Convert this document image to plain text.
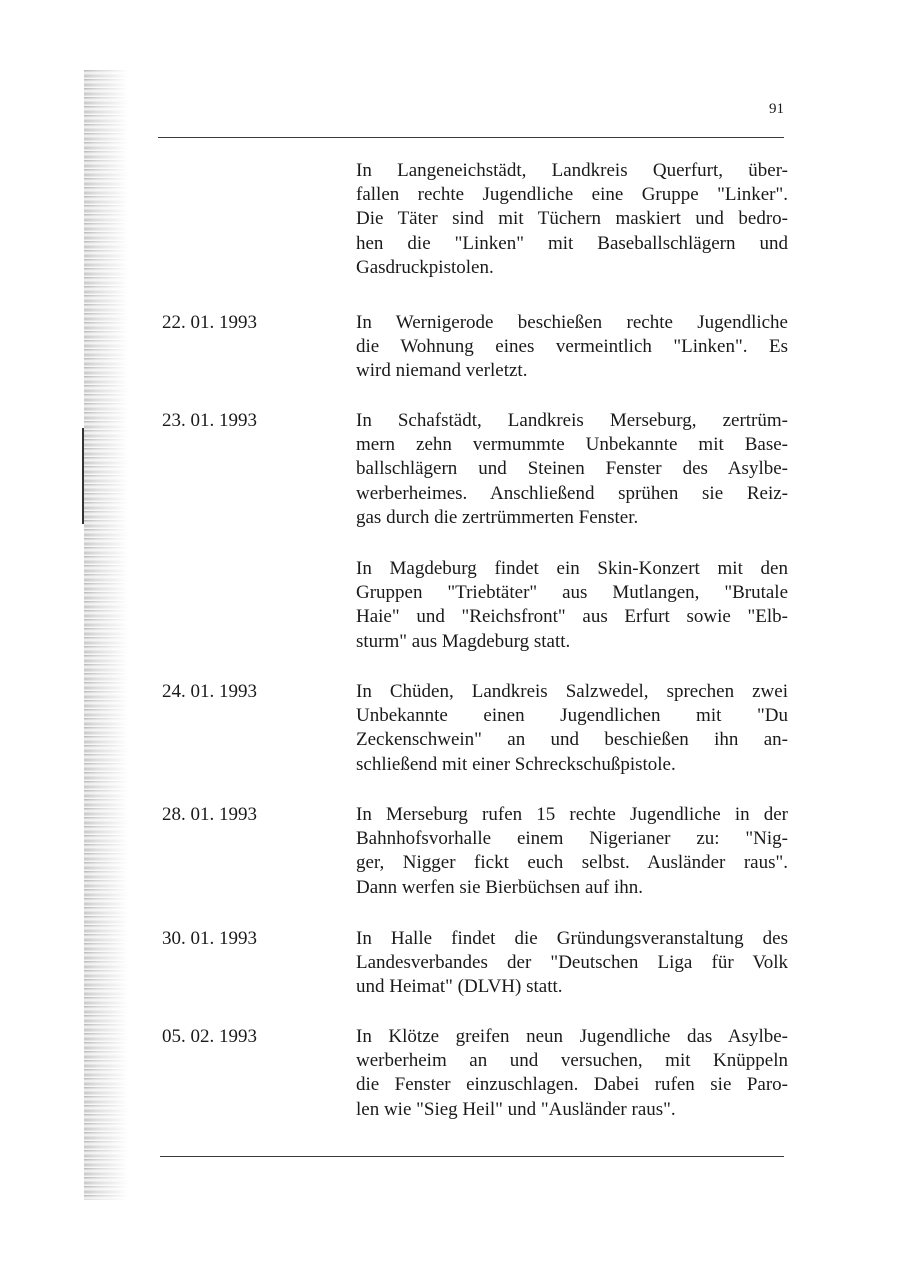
91
In Langeneichstädt, Landkreis Querfurt, über-
fallen rechte Jugendliche eine Gruppe "Linker".
Die Täter sind mit Tüchern maskiert und bedro-
hen die "Linken" mit Baseballschlägern und
Gasdruckpistolen.
22. 01. 1993	In Wernigerode beschießen rechte Jugendliche
die Wohnung eines vermeintlich "Linken". Es
wird niemand verletzt.
23. 01. 1993	In Schafstädt, Landkreis Merseburg, zertrüm-
mern zehn vermummte Unbekannte mit Base-
ballschlägern und Steinen Fenster des Asylbe-
werberheimes. Anschließend sprühen sie Reiz-
gas durch die zertrümmerten Fenster.
In Magdeburg findet ein Skin-Konzert mit den
Gruppen "Triebtäter" aus Mutlangen, "Brutale
Haie" und "Reichsfront" aus Erfurt sowie "Elb-
sturm" aus Magdeburg statt.
24. 01. 1993	In Chüden, Landkreis Salzwedel, sprechen zwei
Unbekannte einen Jugendlichen mit "Du
Zeckenschwein" an und beschießen ihn an-
schließend mit einer Schreckschußpistole.
28. 01. 1993	In Merseburg rufen 15 rechte Jugendliche in der
Bahnhofsvorhalle einem Nigerianer zu: "Nig-
ger, Nigger fickt euch selbst. Ausländer raus".
Dann werfen sie Bierbüchsen auf ihn.
30. 01. 1993	In Halle findet die Gründungsveranstaltung des
Landesverbandes der "Deutschen Liga für Volk
und Heimat" (DLVH) statt.
05. 02. 1993	In Klötze greifen neun Jugendliche das Asylbe-
werberheim an und versuchen, mit Knüppeln
die Fenster einzuschlagen. Dabei rufen sie Paro-
len wie "Sieg Heil" und "Ausländer raus".
